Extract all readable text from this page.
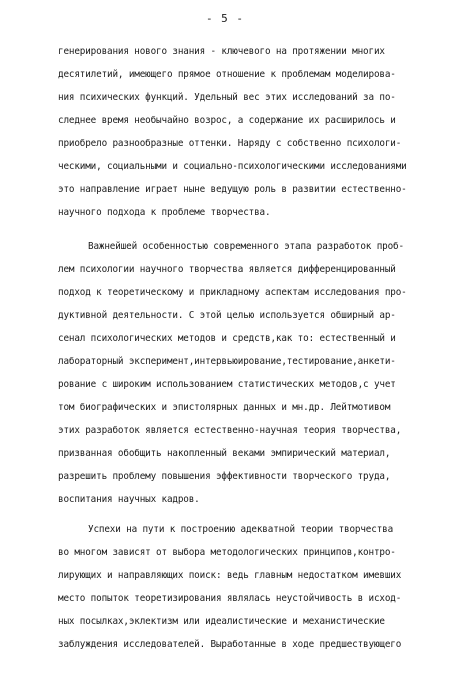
- 5 -
генерирования нового знания - ключевого на протяжении многих
десятилетий, имеющего прямое отношение к проблемам моделирова-
ния психических функций. Удельный вес этих исследований за по-
следнее время необычайно возрос, а содержание их расширилось и
приобрело разнообразные оттенки. Наряду с собственно психологи-
ческими, социальными и социально-психологическими исследованиями
это направление играет ныне ведущую роль в развитии естественно-
научного подхода к проблеме творчества.
Важнейшей особенностью современного этапа разработок проб-
лем психологии научного творчества является дифференцированный
подход к теоретическому и прикладному аспектам исследования про-
дуктивной деятельности. С этой целью используется обширный ар-
сенал психологических методов и средств,как то: естественный и
лабораторный эксперимент,интервьюирование,тестирование,анкети-
рование с широким использованием статистических методов,с учет
том биографических и эпистолярных данных и мн.др. Лейтмотивом
этих разработок является естественно-научная теория творчества,
призванная обобщить накопленный веками эмпирический материал,
разрешить проблему повышения эффективности творческого труда,
воспитания научных кадров.
Успехи на пути к построению адекватной теории творчества
во многом зависят от выбора методологических принципов,контро-
лирующих и направляющих поиск: ведь главным недостатком имевших
место попыток теоретизирования являлась неустойчивость в исход-
ных посылках,эклектизм или идеалистические и механистические
заблуждения исследователей. Выработанные в ходе предшествующего
